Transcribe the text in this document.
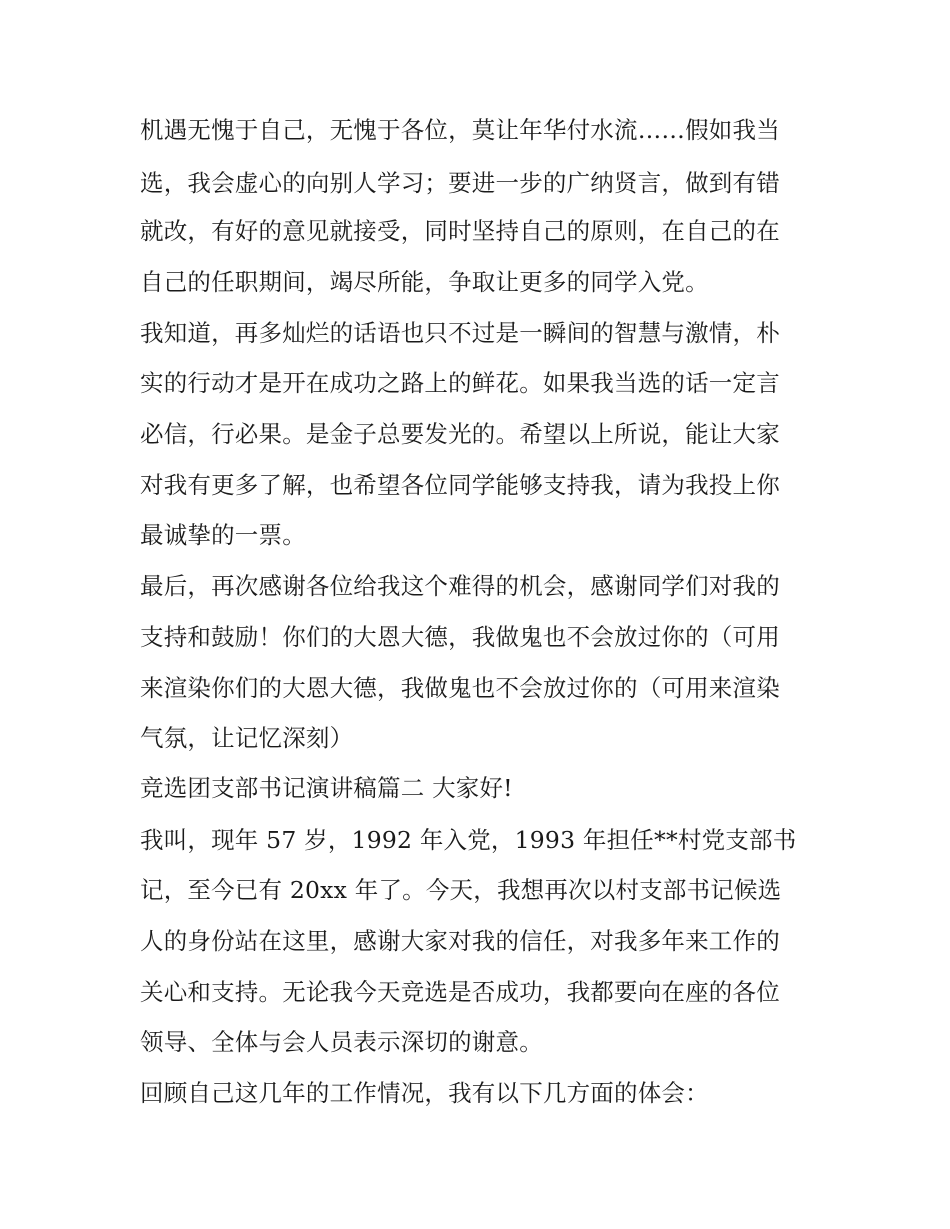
机遇无愧于自己，无愧于各位，莫让年华付水流……假如我当
选，我会虚心的向别人学习；要进一步的广纳贤言，做到有错
就改，有好的意见就接受，同时坚持自己的原则，在自己的在
自己的任职期间，竭尽所能，争取让更多的同学入党。
我知道，再多灿烂的话语也只不过是一瞬间的智慧与激情，朴
实的行动才是开在成功之路上的鲜花。如果我当选的话一定言
必信，行必果。是金子总要发光的。希望以上所说，能让大家
对我有更多了解，也希望各位同学能够支持我，请为我投上你
最诚挚的一票。
最后，再次感谢各位给我这个难得的机会，感谢同学们对我的
支持和鼓励！你们的大恩大德，我做鬼也不会放过你的（可用
来渲染你们的大恩大德，我做鬼也不会放过你的（可用来渲染
气氛，让记忆深刻）
竞选团支部书记演讲稿篇二 大家好!
我叫，现年 57 岁，1992 年入党，1993 年担任**村党支部书
记，至今已有 20xx 年了。今天，我想再次以村支部书记候选
人的身份站在这里，感谢大家对我的信任，对我多年来工作的
关心和支持。无论我今天竞选是否成功，我都要向在座的各位
领导、全体与会人员表示深切的谢意。
回顾自己这几年的工作情况，我有以下几方面的体会：
